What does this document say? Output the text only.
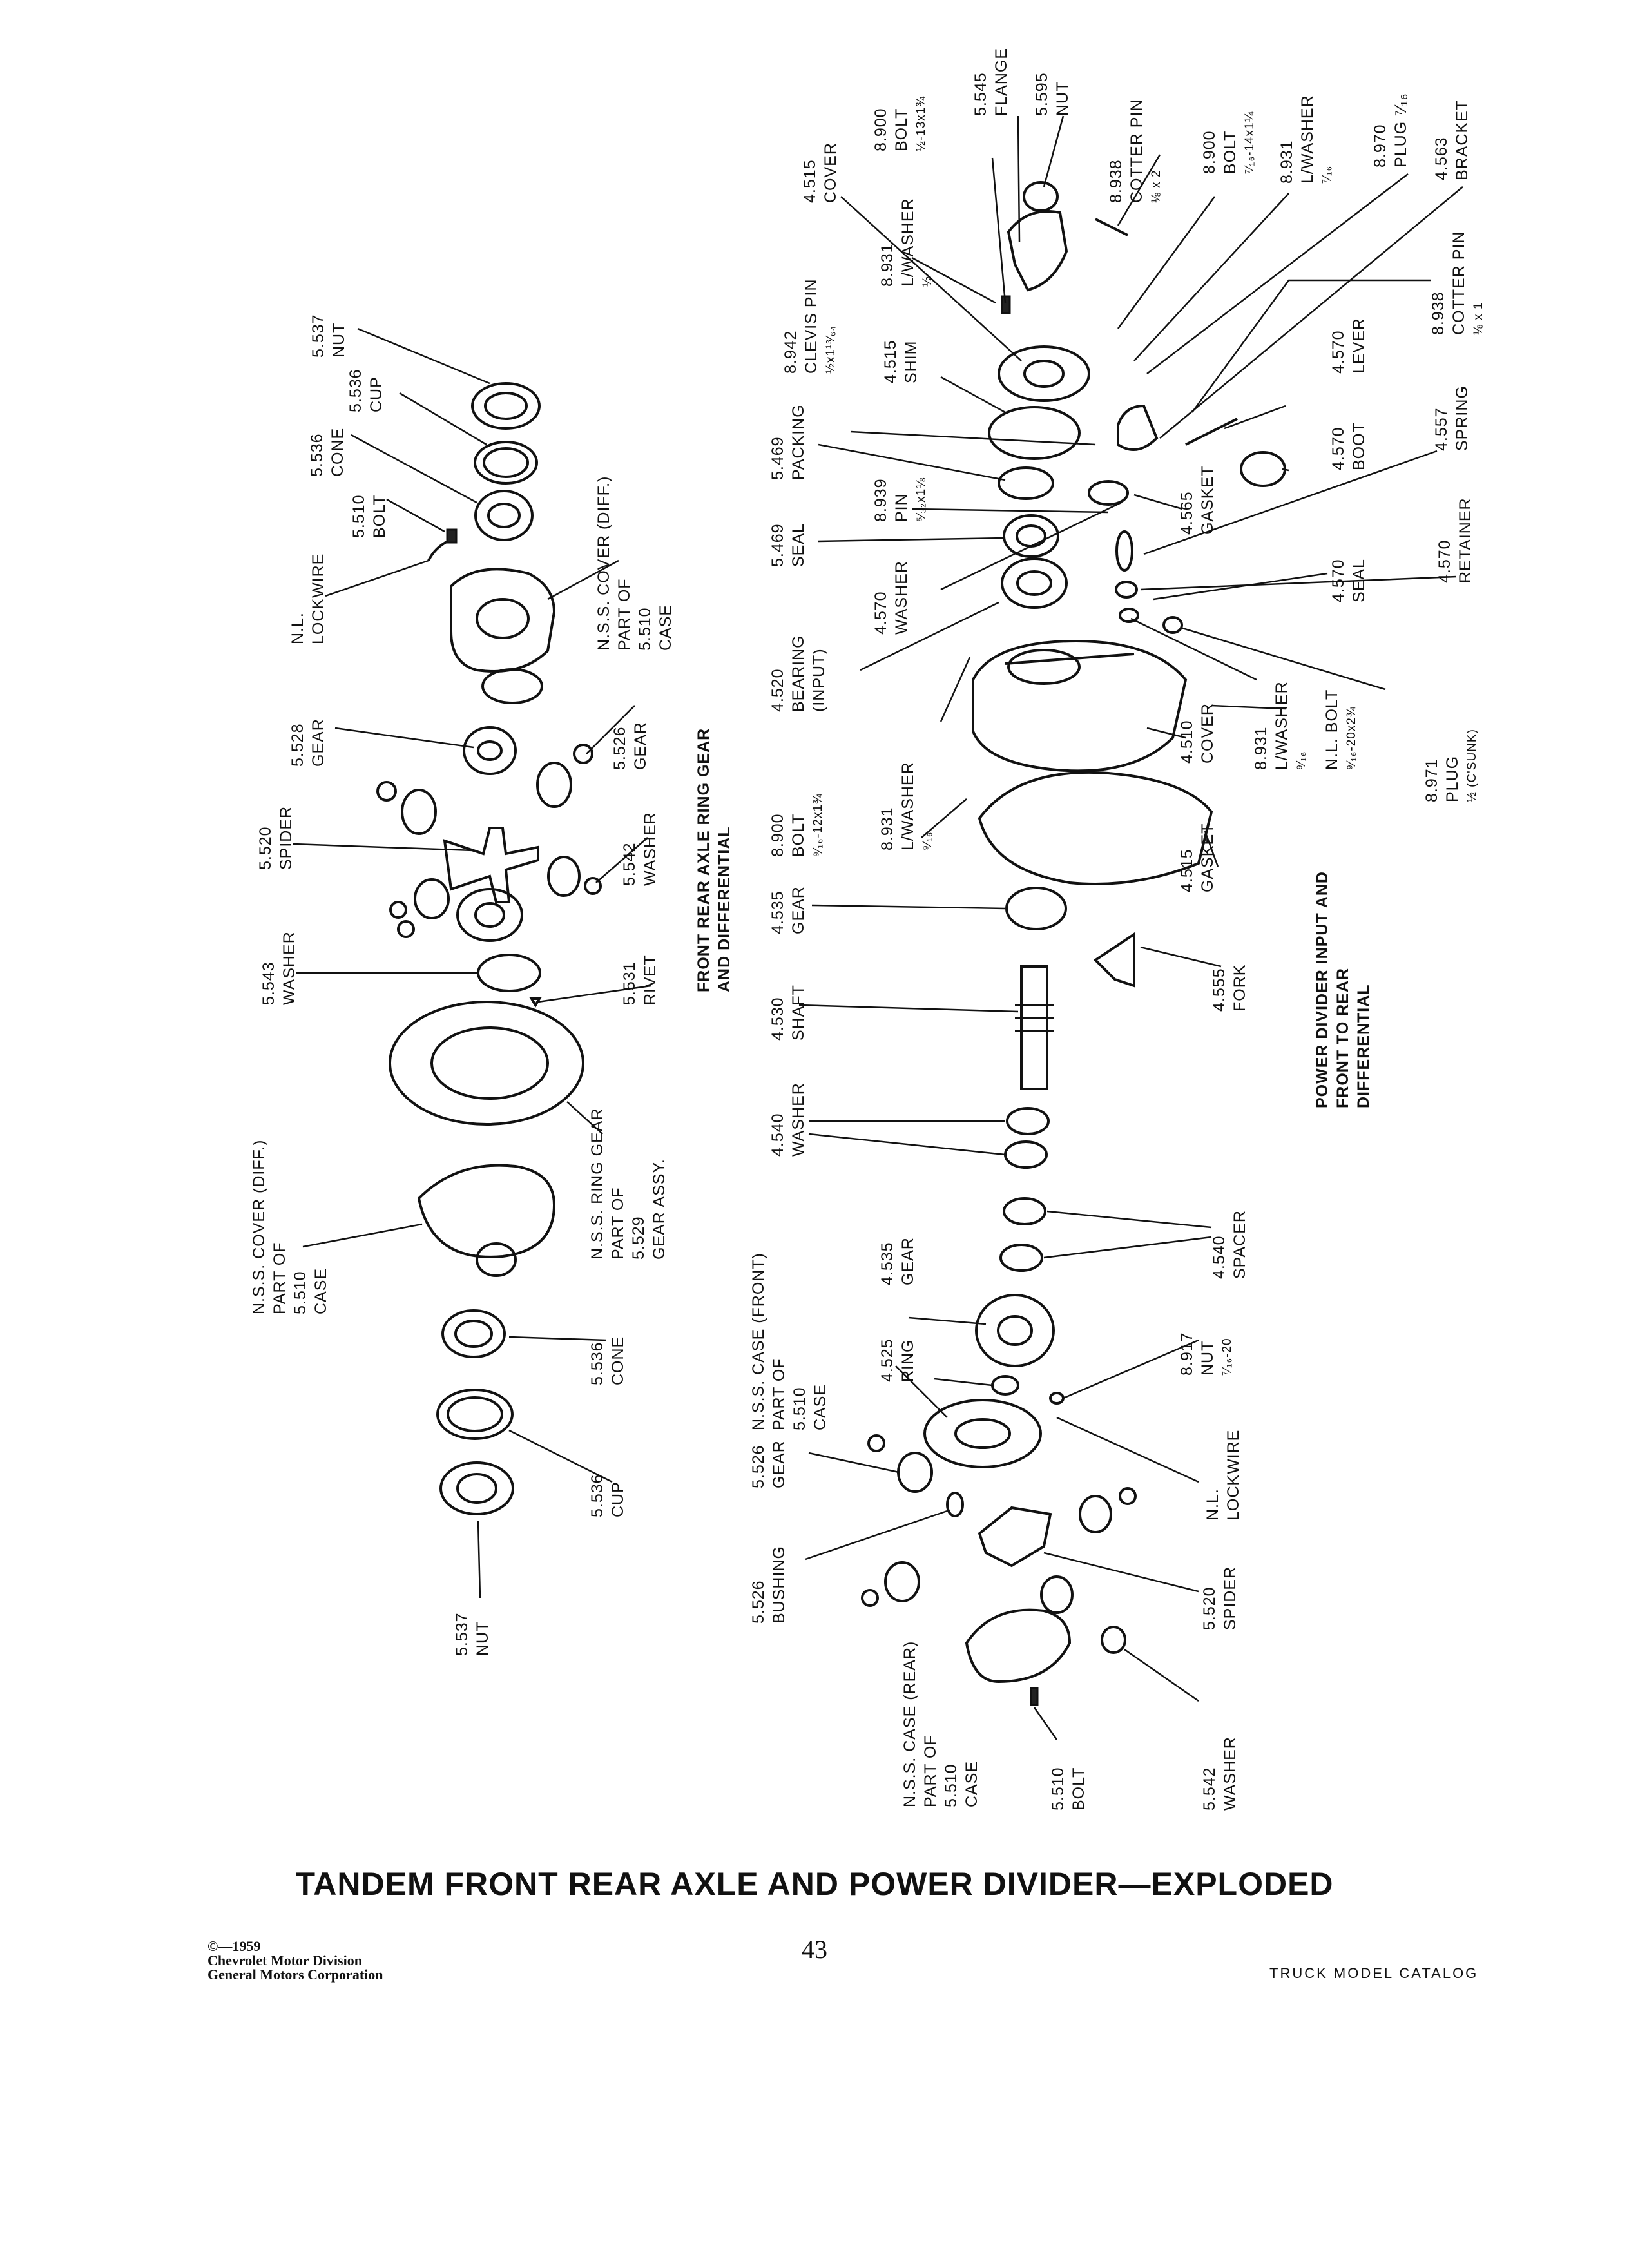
5.537 NUT
5.536 CUP
5.536 CONE
5.510 BOLT
N.L. LOCKWIRE	N.S.S. COVER (DIFF.) PART OF 5.510 CASE
5.528 GEAR	5.526 GEAR
5.520 SPIDER	5.542 WASHER
5.543 WASHER	5.531 RIVET
N.S.S. RING GEAR PART OF 5.529 GEAR ASSY.
N.S.S. COVER (DIFF.) PART OF 5.510 CASE
5.536 CONE
5.536 CUP
5.537 NUT
FRONT REAR AXLE RING GEAR AND DIFFERENTIAL
4.515 COVER
8.900 BOLT ½-13x1¾
5.545 FLANGE 5.595 NUT
8.931 L/WASHER ½
8.938 COTTER PIN ⅛ x 2
8.900 BOLT ⁷⁄₁₆-14x1¼ 8.931 L/WASHER ⁷⁄₁₆
8.970 PLUG ⁷⁄₁₆ 4.563 BRACKET
8.942 CLEVIS PIN ½x1¹³⁄₆₄	4.515 SHIM
8.938 COTTER PIN ⅛ x 1
4.570 LEVER
5.469 PACKING	4.570 BOOT
8.939 PIN ⁵⁄₃₂x1⅛	4.565 GASKET
4.557 SPRING
5.469 SEAL
4.570 WASHER	4.570 SEAL	4.570 RETAINER
4.520 BEARING (INPUT)
8.931 L/WASHER ⁹⁄₁₆ N.L. BOLT ⁹⁄₁₆-20x2¾
8.971 PLUG ½ (C'SUNK)
8.900 BOLT ⁹⁄₁₆-12x1¾
4.510 COVER
8.931 L/WASHER ⁹⁄₁₆
4.515 GASKET
POWER DIVIDER INPUT AND FRONT TO REAR DIFFERENTIAL
4.535 GEAR
4.555 FORK
4.530 SHAFT
4.540 WASHER
N.S.S. CASE (FRONT) PART OF 5.510 CASE
4.535 GEAR	4.540 SPACER
4.525 RING	8.917 NUT ⁷⁄₁₆-20
N.L. LOCKWIRE
5.526 GEAR
5.526 BUSHING	5.520 SPIDER
N.S.S. CASE (REAR) PART OF 5.510 CASE	5.510 BOLT	5.542 WASHER
TANDEM FRONT REAR AXLE AND POWER DIVIDER—EXPLODED
©—1959
Chevrolet Motor Division
General Motors Corporation
43
TRUCK MODEL CATALOG
